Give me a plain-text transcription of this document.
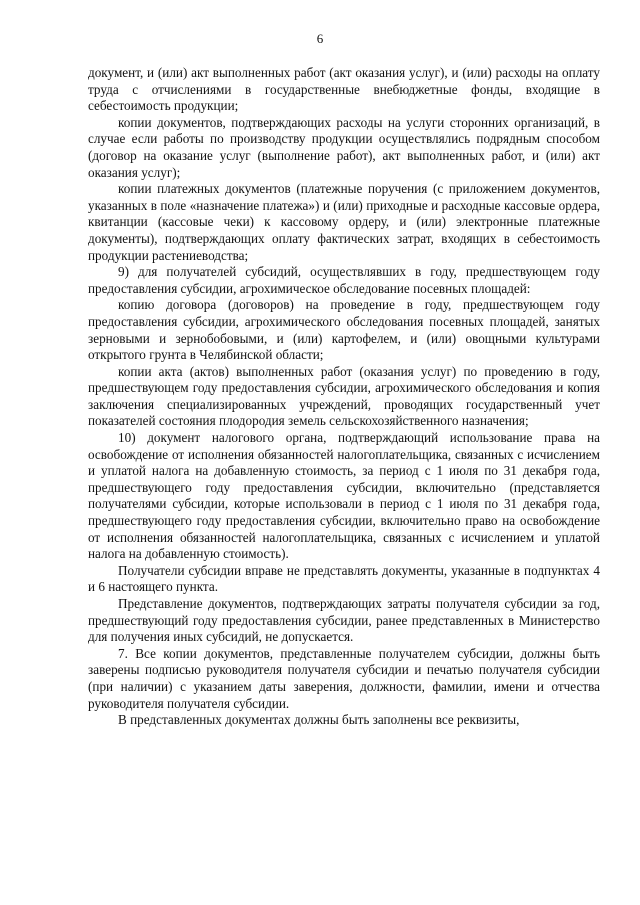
6

документ, и (или) акт выполненных работ (акт оказания услуг), и (или) расходы на оплату труда с отчислениями в государственные внебюджетные фонды, входящие в себестоимость продукции;

копии документов, подтверждающих расходы на услуги сторонних организаций, в случае если работы по производству продукции осуществлялись подрядным способом (договор на оказание услуг (выполнение работ), акт выполненных работ, и (или) акт оказания услуг);

копии платежных документов (платежные поручения (с приложением документов, указанных в поле «назначение платежа») и (или) приходные и расходные кассовые ордера, квитанции (кассовые чеки) к кассовому ордеру, и (или) электронные платежные документы), подтверждающих оплату фактических затрат, входящих в себестоимость продукции растениеводства;

9) для получателей субсидий, осуществлявших в году, предшествующем году предоставления субсидии, агрохимическое обследование посевных площадей:

копию договора (договоров) на проведение в году, предшествующем году предоставления субсидии, агрохимического обследования посевных площадей, занятых зерновыми и зернобобовыми, и (или) картофелем, и (или) овощными культурами открытого грунта в Челябинской области;

копии акта (актов) выполненных работ (оказания услуг) по проведению в году, предшествующем году предоставления субсидии, агрохимического обследования и копия заключения специализированных учреждений, проводящих государственный учет показателей состояния плодородия земель сельскохозяйственного назначения;

10) документ налогового органа, подтверждающий использование права на освобождение от исполнения обязанностей налогоплательщика, связанных с исчислением и уплатой налога на добавленную стоимость, за период с 1 июля по 31 декабря года, предшествующего году предоставления субсидии, включительно (представляется получателями субсидии, которые использовали в период с 1 июля по 31 декабря года, предшествующего году предоставления субсидии, включительно право на освобождение от исполнения обязанностей налогоплательщика, связанных с исчислением и уплатой налога на добавленную стоимость).

Получатели субсидии вправе не представлять документы, указанные в подпунктах 4 и 6 настоящего пункта.

Представление документов, подтверждающих затраты получателя субсидии за год, предшествующий году предоставления субсидии, ранее представленных в Министерство для получения иных субсидий, не допускается.

7. Все копии документов, представленные получателем субсидии, должны быть заверены подписью руководителя получателя субсидии и печатью получателя субсидии (при наличии) с указанием даты заверения, должности, фамилии, имени и отчества руководителя получателя субсидии.

В представленных документах должны быть заполнены все реквизиты,
